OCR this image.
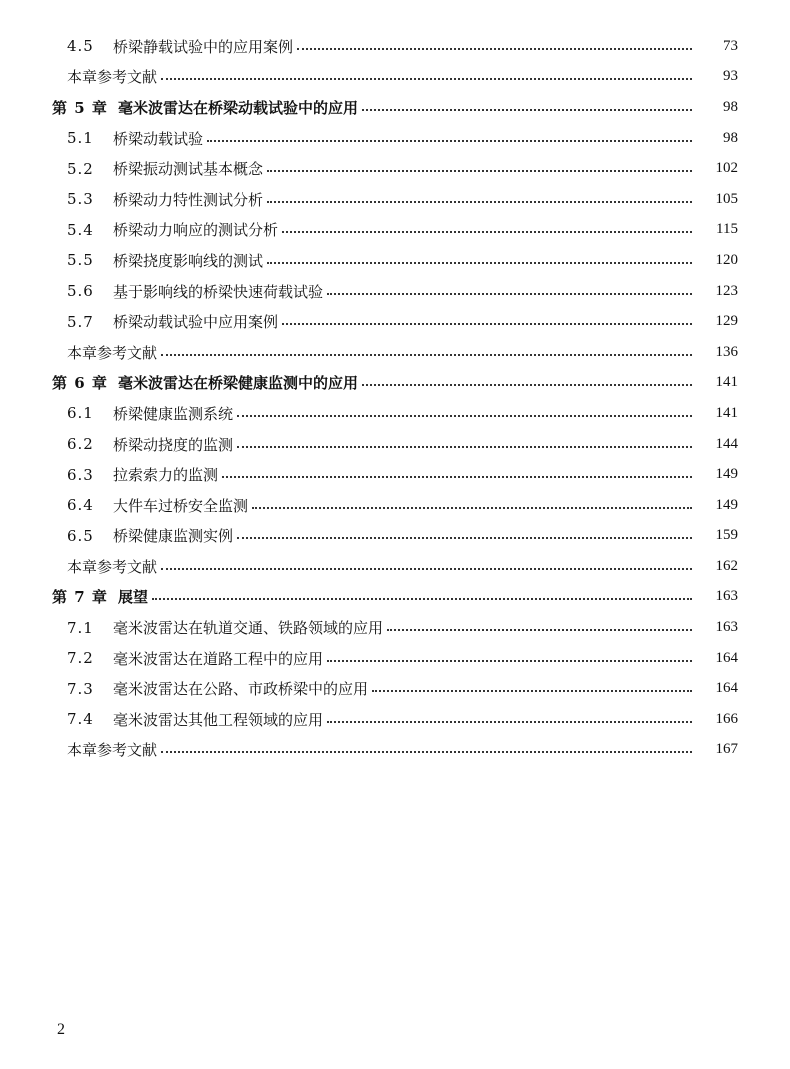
4.5	桥梁静载试验中的应用案例	73
本章参考文献	93
第 5 章 毫米波雷达在桥梁动载试验中的应用	98
5.1	桥梁动载试验	98
5.2	桥梁振动测试基本概念	102
5.3	桥梁动力特性测试分析	105
5.4	桥梁动力响应的测试分析	115
5.5	桥梁挠度影响线的测试	120
5.6	基于影响线的桥梁快速荷载试验	123
5.7	桥梁动载试验中应用案例	129
本章参考文献	136
第 6 章 毫米波雷达在桥梁健康监测中的应用	141
6.1	桥梁健康监测系统	141
6.2	桥梁动挠度的监测	144
6.3	拉索索力的监测	149
6.4	大件车过桥安全监测	149
6.5	桥梁健康监测实例	159
本章参考文献	162
第 7 章 展望	163
7.1	毫米波雷达在轨道交通、铁路领域的应用	163
7.2	毫米波雷达在道路工程中的应用	164
7.3	毫米波雷达在公路、市政桥梁中的应用	164
7.4	毫米波雷达其他工程领域的应用	166
本章参考文献	167
2
